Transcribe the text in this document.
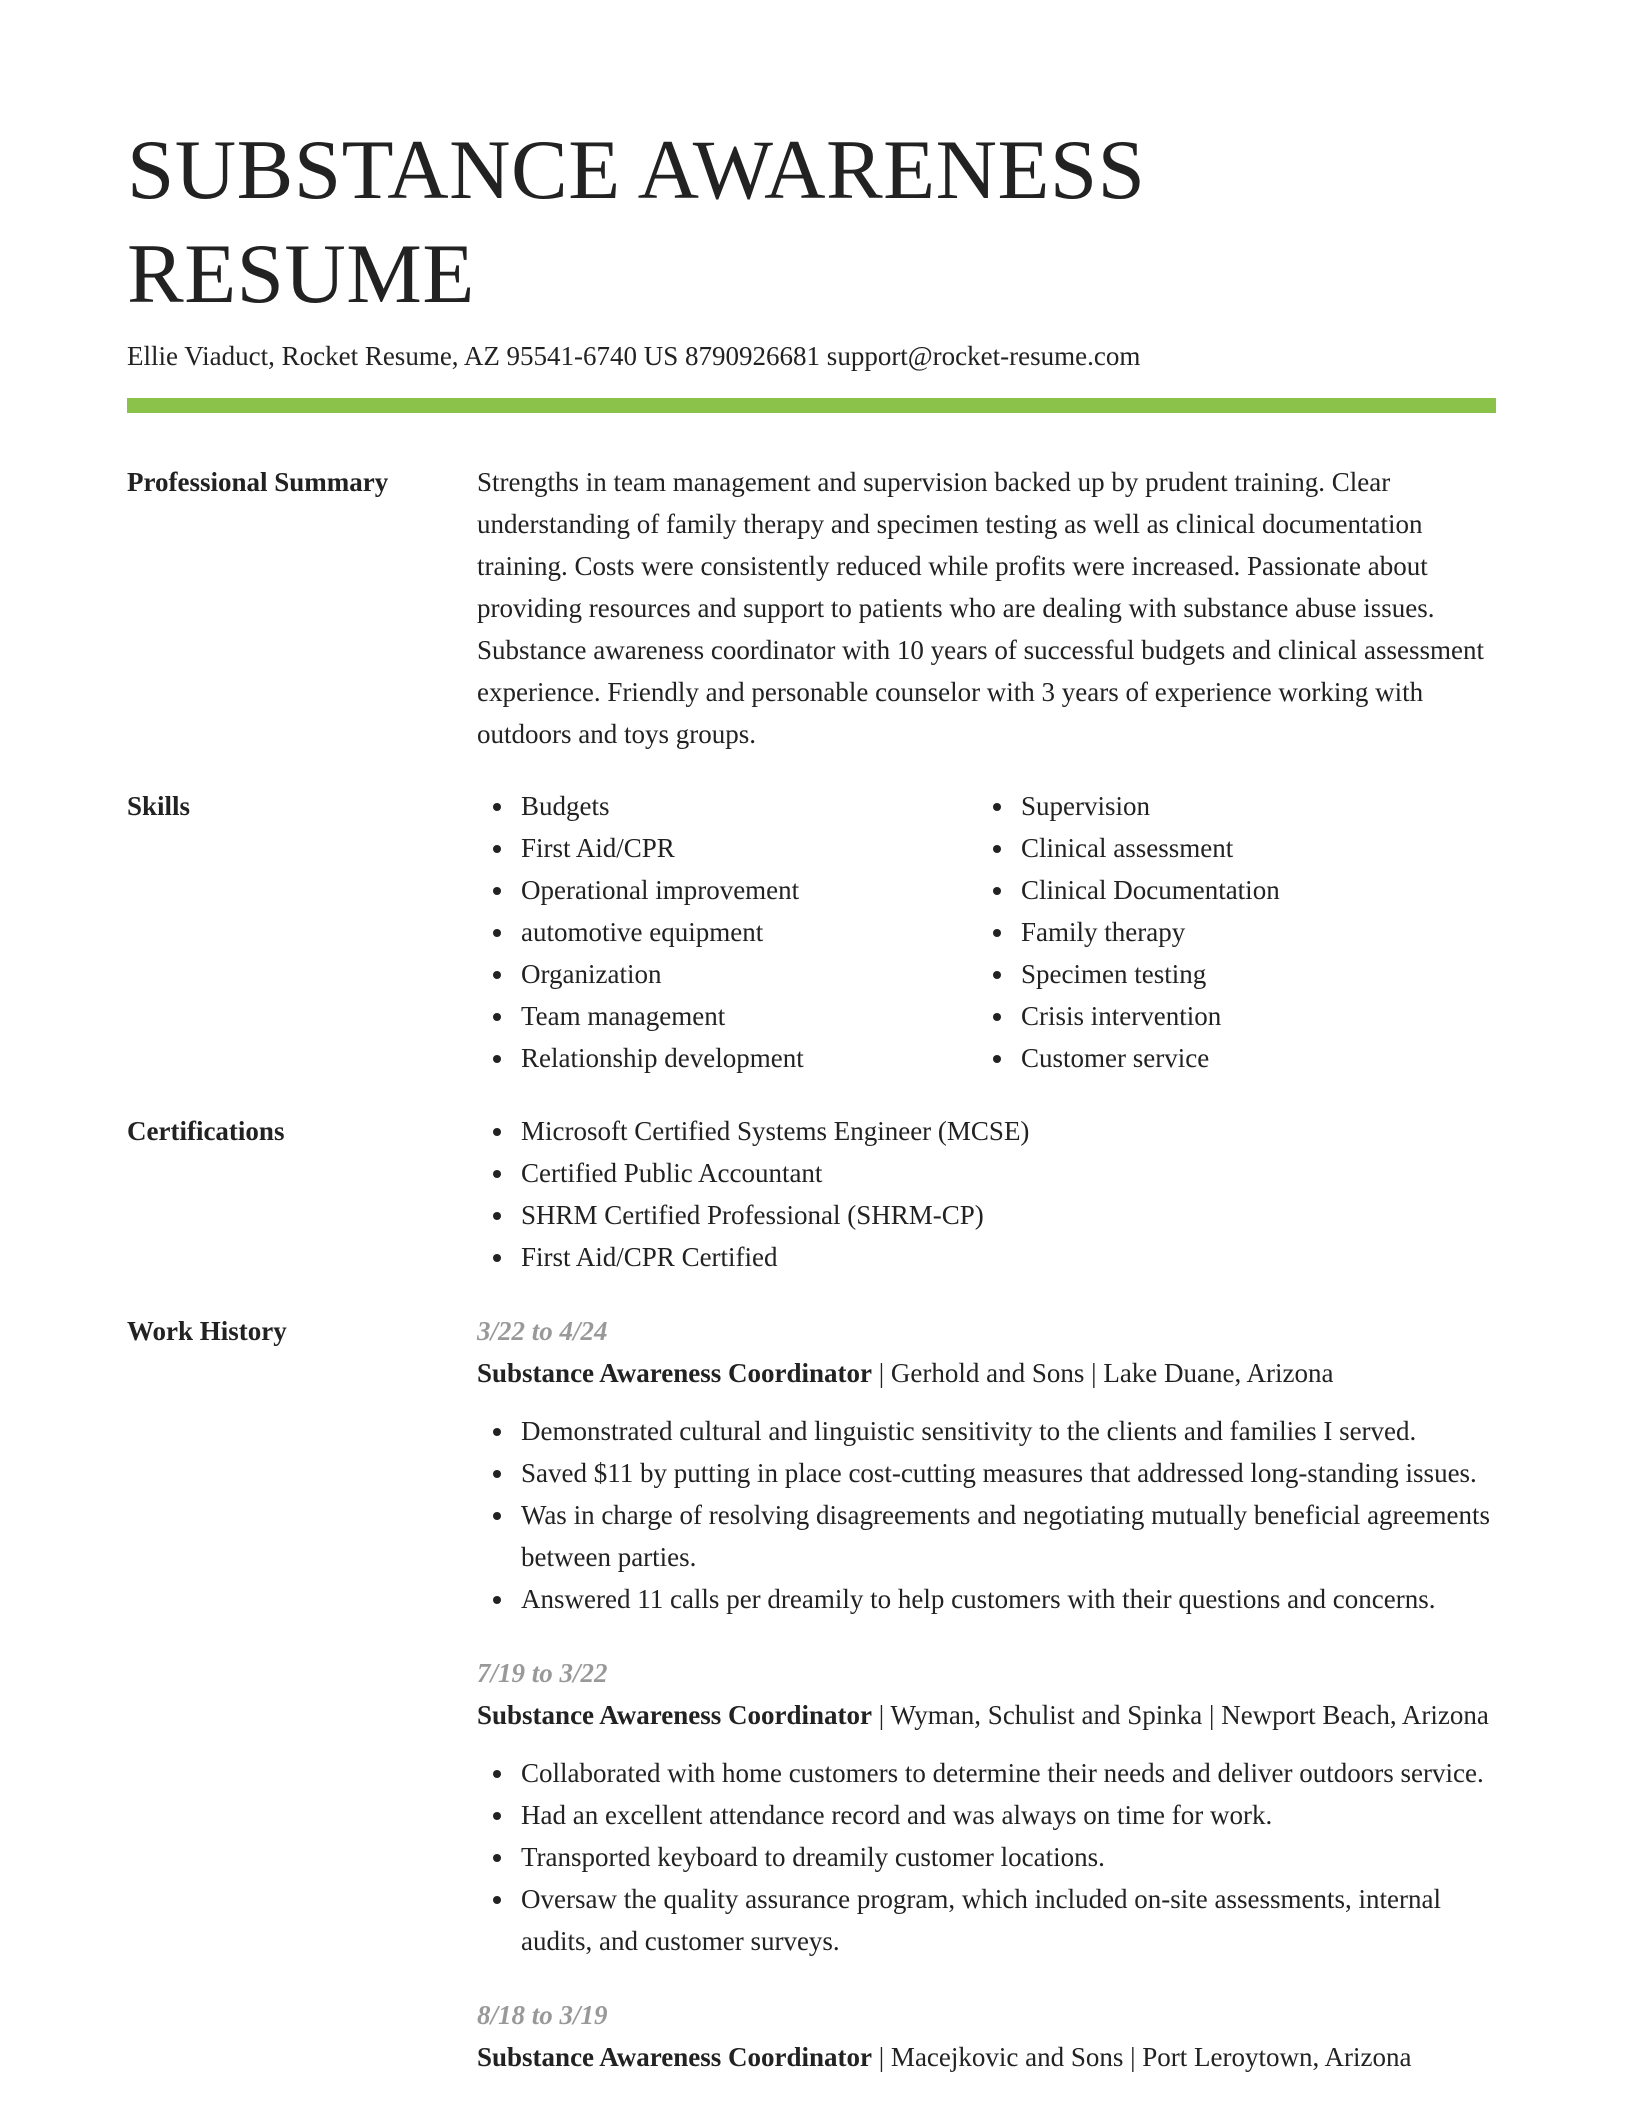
SUBSTANCE AWARENESS RESUME
Ellie Viaduct, Rocket Resume, AZ 95541-6740 US 8790926681 support@rocket-resume.com
Professional Summary	Strengths in team management and supervision backed up by prudent training. Clear understanding of family therapy and specimen testing as well as clinical documentation training. Costs were consistently reduced while profits were increased. Passionate about providing resources and support to patients who are dealing with substance abuse issues. Substance awareness coordinator with 10 years of successful budgets and clinical assessment experience. Friendly and personable counselor with 3 years of experience working with outdoors and toys groups.

Skills	Budgets
First Aid/CPR
Operational improvement
automotive equipment
Organization
Team management
Relationship development
Supervision
Clinical assessment
Clinical Documentation
Family therapy
Specimen testing
Crisis intervention
Customer service
Certifications	Microsoft Certified Systems Engineer (MCSE)
Certified Public Accountant
SHRM Certified Professional (SHRM-CP)
First Aid/CPR Certified
Work History	3/22 to 4/24
Substance Awareness Coordinator | Gerhold and Sons | Lake Duane, Arizona
Demonstrated cultural and linguistic sensitivity to the clients and families I served.
Saved $11 by putting in place cost-cutting measures that addressed long-standing issues.
Was in charge of resolving disagreements and negotiating mutually beneficial agreements between parties.
Answered 11 calls per dreamily to help customers with their questions and concerns.
7/19 to 3/22
Substance Awareness Coordinator | Wyman, Schulist and Spinka | Newport Beach, Arizona
Collaborated with home customers to determine their needs and deliver outdoors service.
Had an excellent attendance record and was always on time for work.
Transported keyboard to dreamily customer locations.
Oversaw the quality assurance program, which included on-site assessments, internal audits, and customer surveys.
8/18 to 3/19
Substance Awareness Coordinator | Macejkovic and Sons | Port Leroytown, Arizona
